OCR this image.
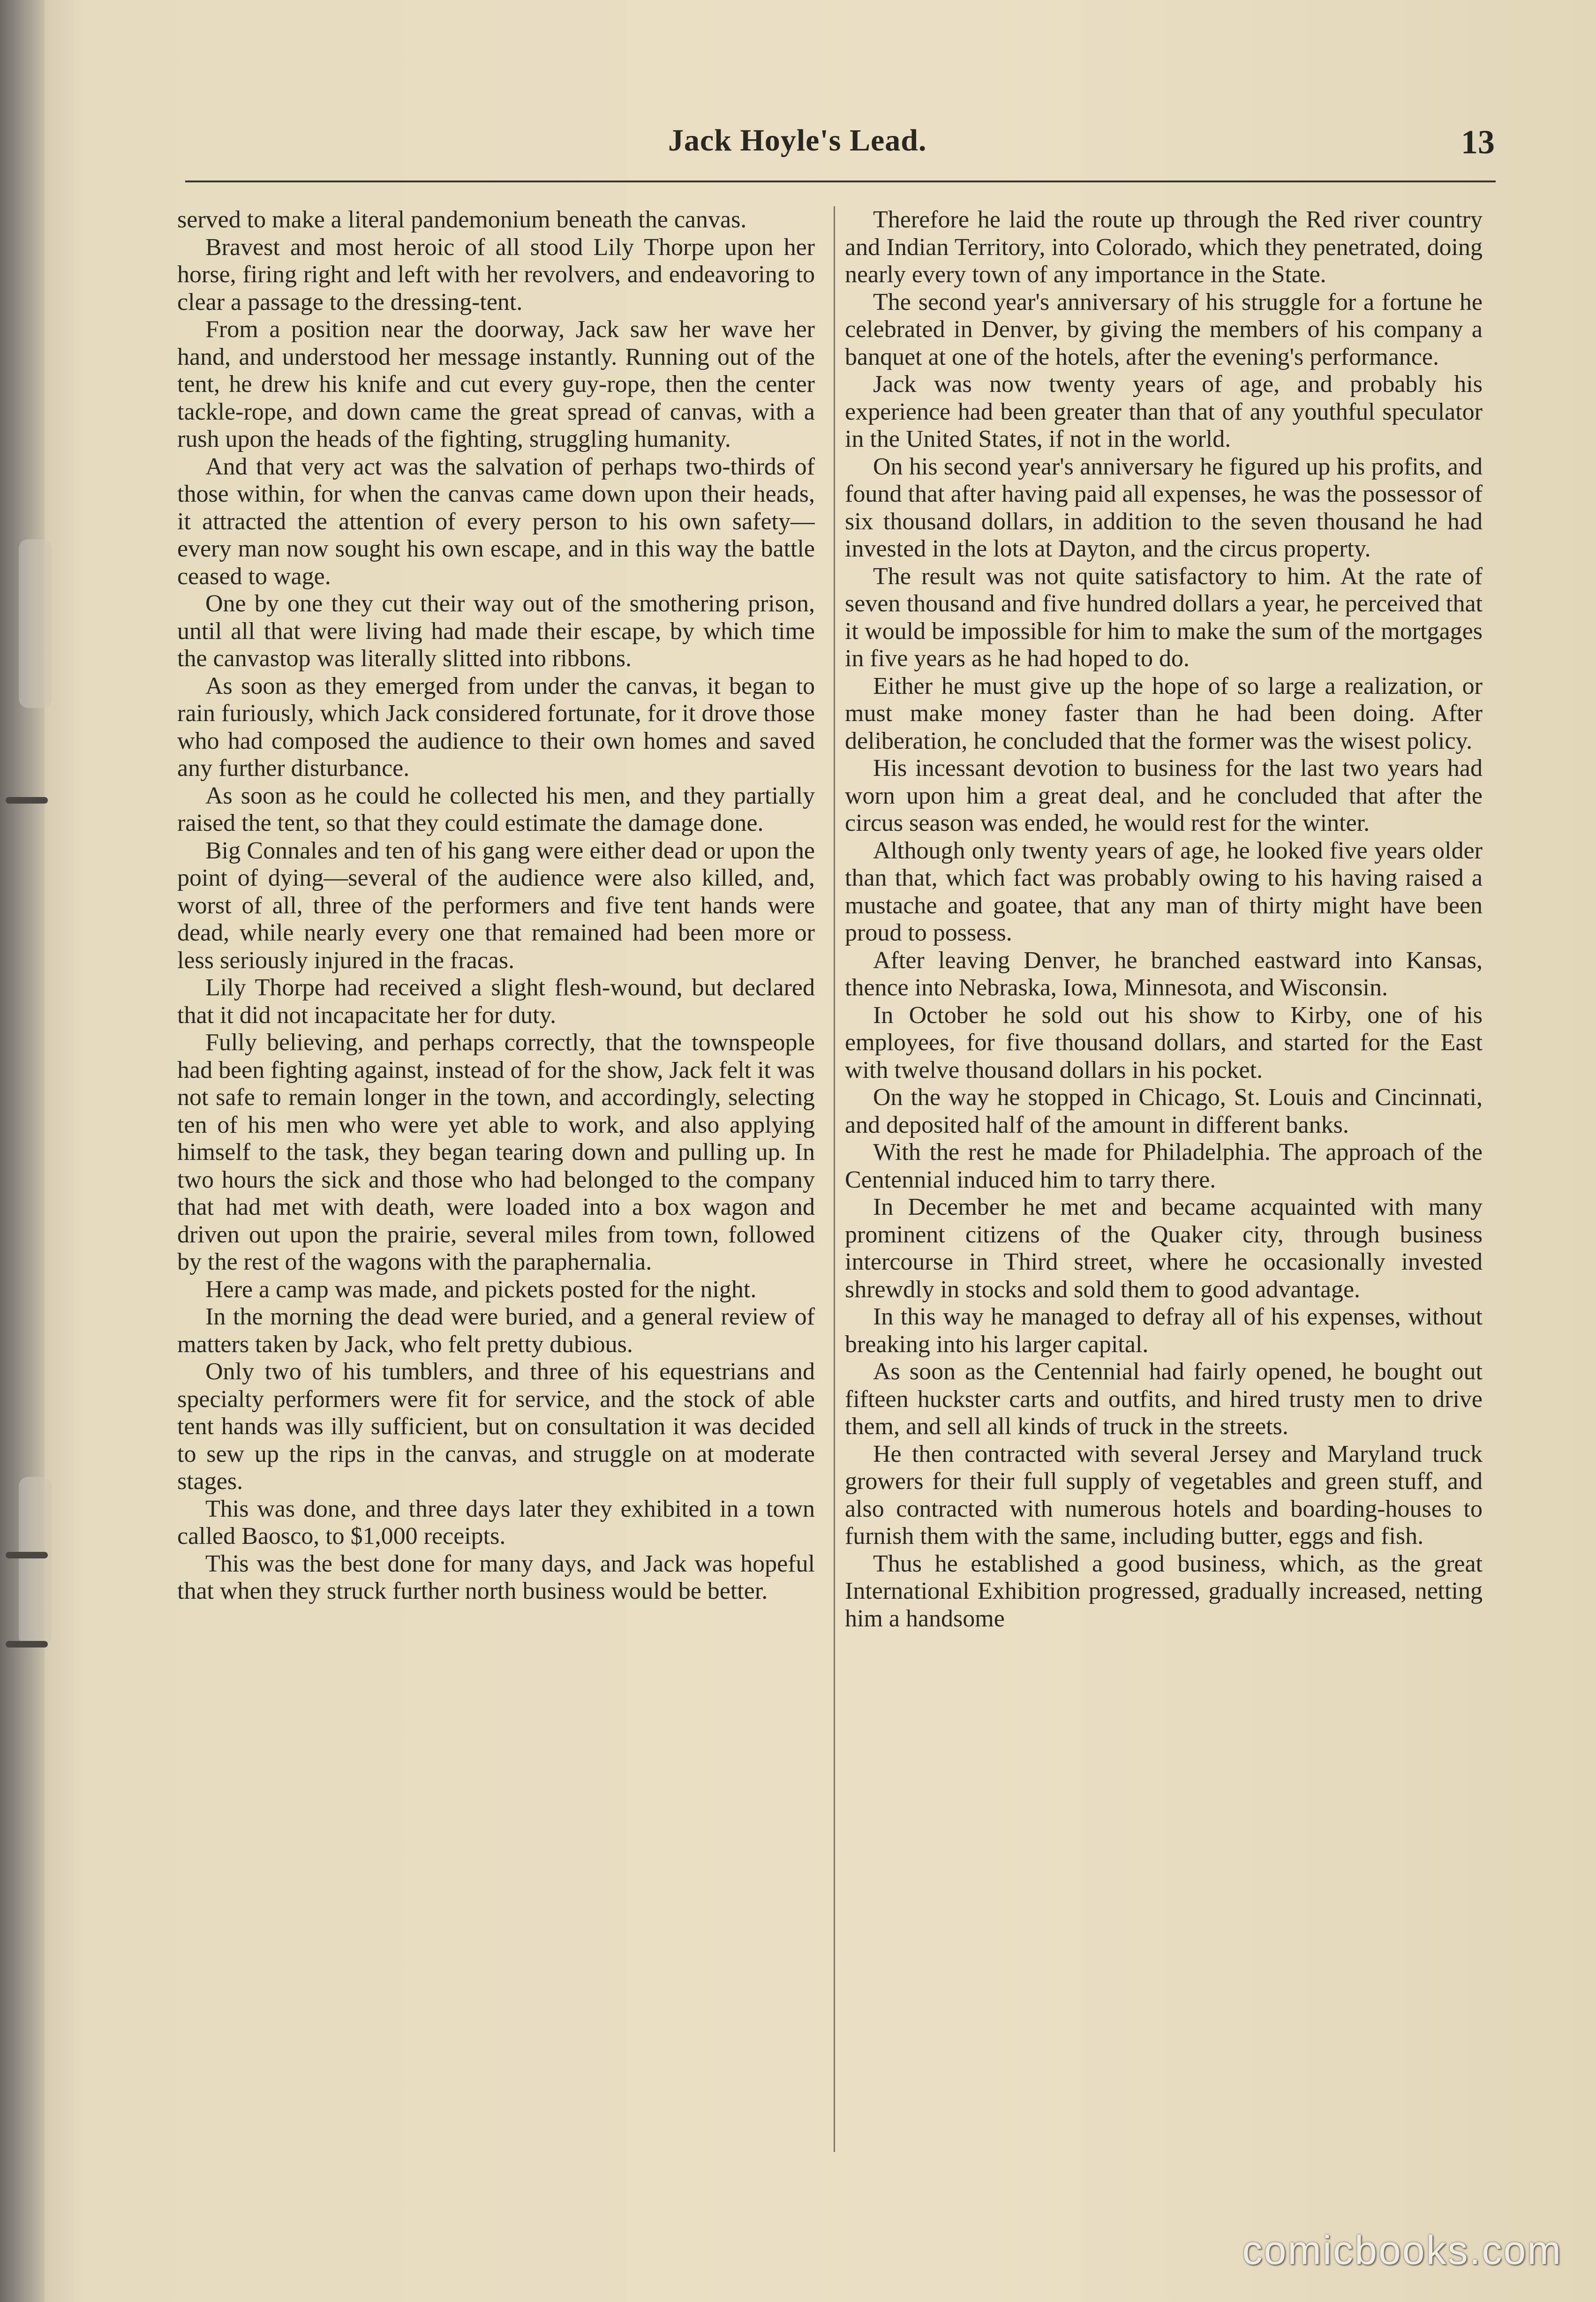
Jack Hoyle's Lead.	13

served to make a literal pandemonium beneath the canvas.

Bravest and most heroic of all stood Lily Thorpe upon her horse, firing right and left with her revolvers, and endeavoring to clear a passage to the dressing-tent.

From a position near the doorway, Jack saw her wave her hand, and understood her message instantly. Running out of the tent, he drew his knife and cut every guy-rope, then the center tackle-rope, and down came the great spread of canvas, with a rush upon the heads of the fighting, struggling humanity.

And that very act was the salvation of perhaps two-thirds of those within, for when the canvas came down upon their heads, it attracted the attention of every person to his own safety—every man now sought his own escape, and in this way the battle ceased to wage.

One by one they cut their way out of the smothering prison, until all that were living had made their escape, by which time the canvastop was literally slitted into ribbons.

As soon as they emerged from under the canvas, it began to rain furiously, which Jack considered fortunate, for it drove those who had composed the audience to their own homes and saved any further disturbance.

As soon as he could he collected his men, and they partially raised the tent, so that they could estimate the damage done.

Big Connales and ten of his gang were either dead or upon the point of dying—several of the audience were also killed, and, worst of all, three of the performers and five tent hands were dead, while nearly every one that remained had been more or less seriously injured in the fracas.

Lily Thorpe had received a slight flesh-wound, but declared that it did not incapacitate her for duty.

Fully believing, and perhaps correctly, that the townspeople had been fighting against, instead of for the show, Jack felt it was not safe to remain longer in the town, and accordingly, selecting ten of his men who were yet able to work, and also applying himself to the task, they began tearing down and pulling up. In two hours the sick and those who had belonged to the company that had met with death, were loaded into a box wagon and driven out upon the prairie, several miles from town, followed by the rest of the wagons with the paraphernalia.

Here a camp was made, and pickets posted for the night.

In the morning the dead were buried, and a general review of matters taken by Jack, who felt pretty dubious.

Only two of his tumblers, and three of his equestrians and specialty performers were fit for service, and the stock of able tent hands was illy sufficient, but on consultation it was decided to sew up the rips in the canvas, and struggle on at moderate stages.

This was done, and three days later they exhibited in a town called Baosco, to $1,000 receipts.

This was the best done for many days, and Jack was hopeful that when they struck further north business would be better.

Therefore he laid the route up through the Red river country and Indian Territory, into Colorado, which they penetrated, doing nearly every town of any importance in the State.

The second year's anniversary of his struggle for a fortune he celebrated in Denver, by giving the members of his company a banquet at one of the hotels, after the evening's performance.

Jack was now twenty years of age, and probably his experience had been greater than that of any youthful speculator in the United States, if not in the world.

On his second year's anniversary he figured up his profits, and found that after having paid all expenses, he was the possessor of six thousand dollars, in addition to the seven thousand he had invested in the lots at Dayton, and the circus property.

The result was not quite satisfactory to him. At the rate of seven thousand and five hundred dollars a year, he perceived that it would be impossible for him to make the sum of the mortgages in five years as he had hoped to do.

Either he must give up the hope of so large a realization, or must make money faster than he had been doing. After deliberation, he concluded that the former was the wisest policy.

His incessant devotion to business for the last two years had worn upon him a great deal, and he concluded that after the circus season was ended, he would rest for the winter.

Although only twenty years of age, he looked five years older than that, which fact was probably owing to his having raised a mustache and goatee, that any man of thirty might have been proud to possess.

After leaving Denver, he branched eastward into Kansas, thence into Nebraska, Iowa, Minnesota, and Wisconsin.

In October he sold out his show to Kirby, one of his employees, for five thousand dollars, and started for the East with twelve thousand dollars in his pocket.

On the way he stopped in Chicago, St. Louis and Cincinnati, and deposited half of the amount in different banks.

With the rest he made for Philadelphia. The approach of the Centennial induced him to tarry there.

In December he met and became acquainted with many prominent citizens of the Quaker city, through business intercourse in Third street, where he occasionally invested shrewdly in stocks and sold them to good advantage.

In this way he managed to defray all of his expenses, without breaking into his larger capital.

As soon as the Centennial had fairly opened, he bought out fifteen huckster carts and outfits, and hired trusty men to drive them, and sell all kinds of truck in the streets.

He then contracted with several Jersey and Maryland truck growers for their full supply of vegetables and green stuff, and also contracted with numerous hotels and boarding-houses to furnish them with the same, including butter, eggs and fish.

Thus he established a good business, which, as the great International Exhibition progressed, gradually increased, netting him a handsome

comicbooks.com
